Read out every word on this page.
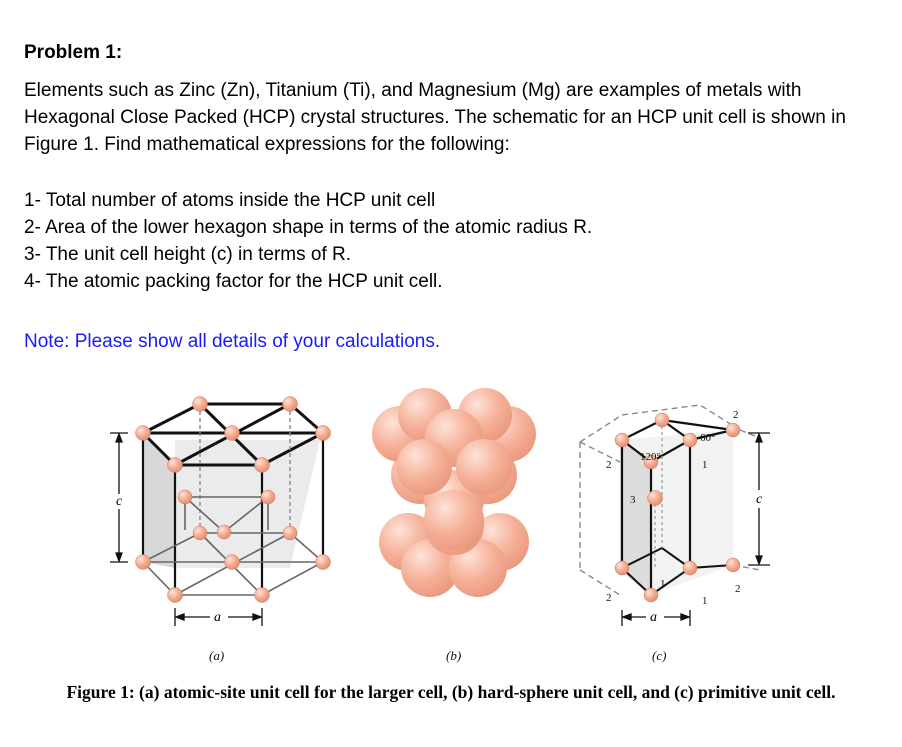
Problem 1:
Elements such as Zinc (Zn), Titanium (Ti), and Magnesium (Mg) are examples of metals with
Hexagonal Close Packed (HCP) crystal structures. The schematic for an HCP unit cell is shown in
Figure 1. Find mathematical expressions for the following:
1- Total number of atoms inside the HCP unit cell
2- Area of the lower hexagon shape in terms of the atomic radius R.
3- The unit cell height (c) in terms of R.
4- The atomic packing factor for the HCP unit cell.
Note: Please show all details of your calculations.
c
a
120°
60°
2	1
2
3
2
1
1
2
c
a
(a)	(b)	(c)
Figure 1: (a) atomic-site unit cell for the larger cell, (b) hard-sphere unit cell, and (c) primitive unit cell.
